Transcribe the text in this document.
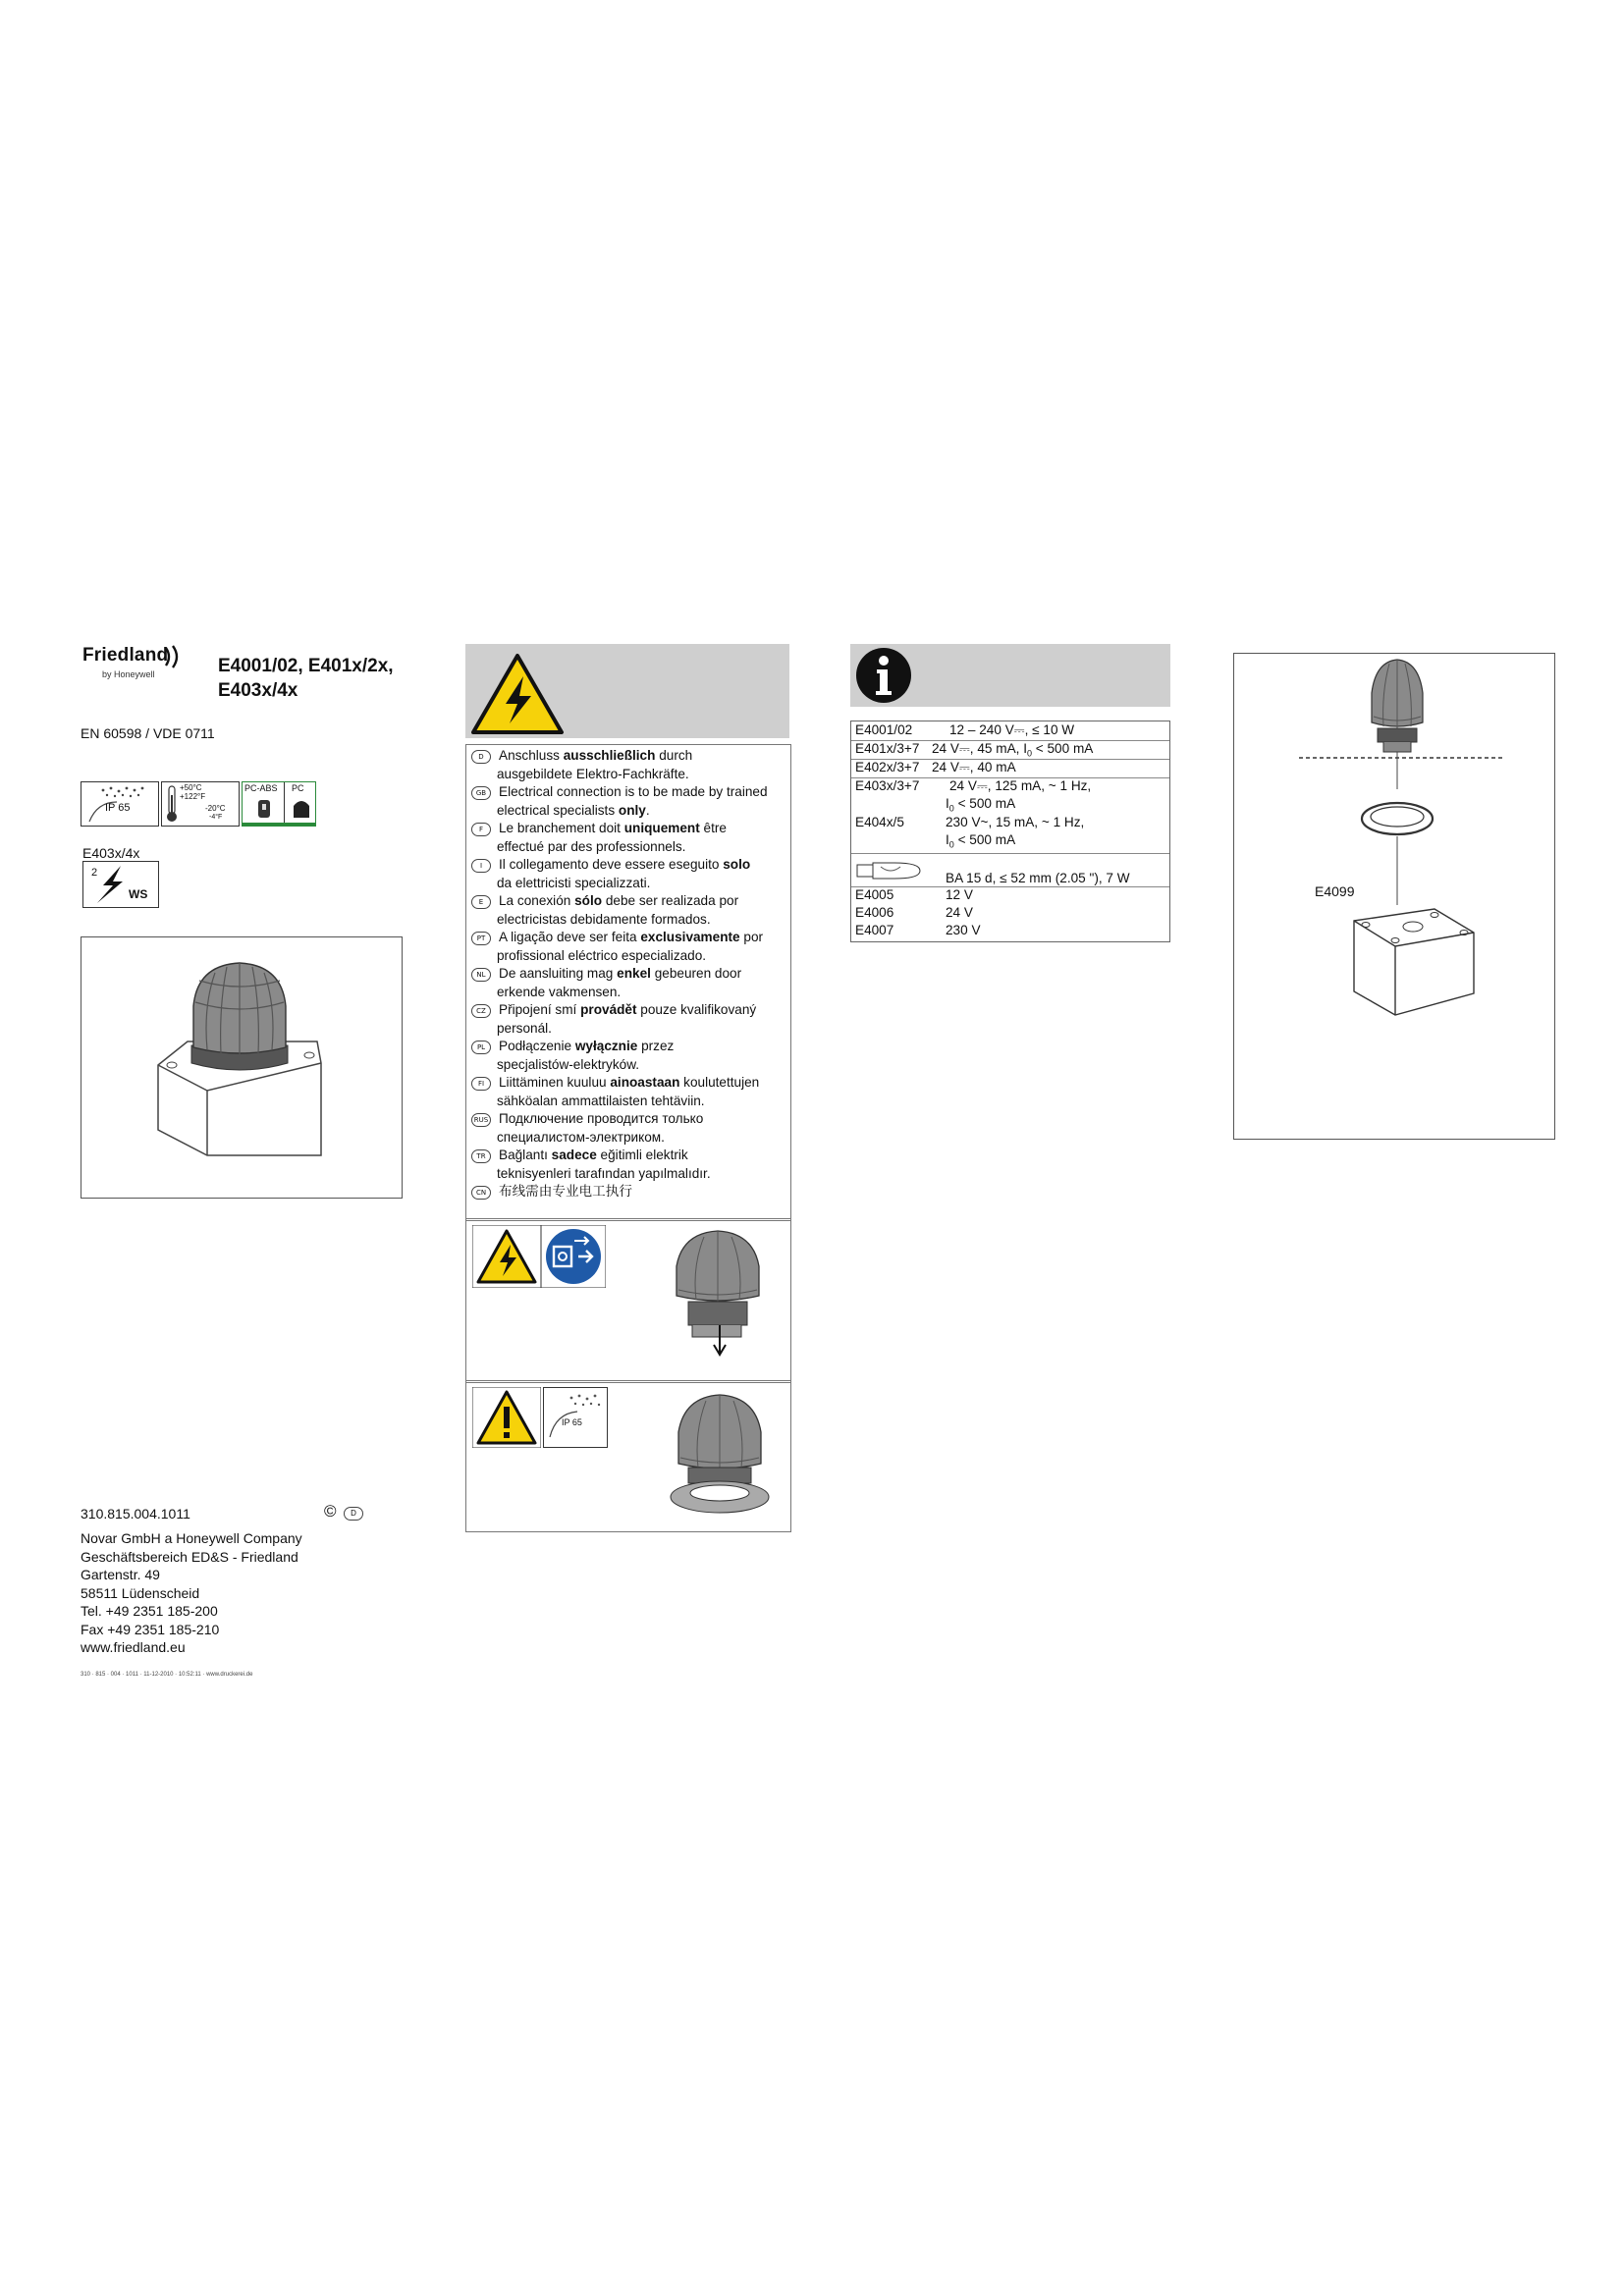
Friedland
by Honeywell	E4001/02, E401x/2x,
E403x/4x
EN 60598 / VDE 0711
IP 65
+50°C
+122°F
-20°C
-4°F
PC-ABS PC
E403x/4x
2
WS
310.815.004.1011	©	D
Novar GmbH a Honeywell Company
Geschäftsbereich ED&S - Friedland
Gartenstr. 49
58511 Lüdenscheid
Tel. +49 2351 185-200
Fax +49 2351 185-210
www.friedland.eu
310 · 815 · 004 · 1011 · 11-12-2010 · 10:52:11 · www.druckerei.de
D	Anschluss ausschließlich durch
ausgebildete Elektro-Fachkräfte.
GB Electrical connection is to be made by trained
electrical specialists only.
F	Le branchement doit uniquement être
effectué par des professionnels.
I	Il collegamento deve essere eseguito solo
da elettricisti specializzati.
E	La conexión sólo debe ser realizada por
electricistas debidamente formados.
PT	A ligação deve ser feita exclusivamente por
profissional eléctrico especializado.
NL De aansluiting mag enkel gebeuren door
erkende vakmensen.
CZ Připojení smí provádět pouze kvalifikovaný
personál.
PL	Podłączenie wyłącznie przez
specjalistów-elektryków.
FI	Liittäminen kuuluu ainoastaan koulutettujen
sähköalan ammattilaisten tehtäviin.
RUS Подключение проводится только
специалистом-электриком.
TR Bağlantı sadece eğitimli elektrik
teknisyenleri tarafından yapılmalıdır.
CN 布线需由专业电工执行
IP 65
E4001/02	12 – 240 V⎓, ≤ 10 W
E401x/3+7 24 V⎓, 45 mA, $I_0 < 500$ mA
E402x/3+7 24 V⎓, 40 mA
E403x/3+7 24 V⎓, 125 mA, ~ 1 Hz,
$I_0 < 500$ mA
E404x/5	230 V~, 15 mA, ~ 1 Hz,
$I_0 < 500$ mA
BA 15 d, ≤ 52 mm (2.05 "), 7 W
E4005	12 V
E4006	24 V
E4007	230 V
E4099
